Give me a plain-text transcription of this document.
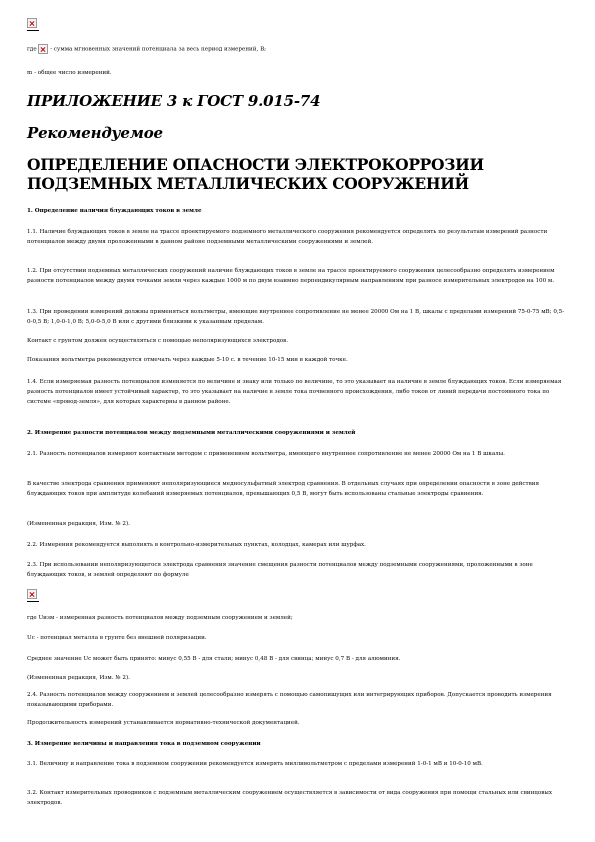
где - сумма мгновенных значений потенциала за весь период измерений, В;
m - общее число измерений.
ПРИЛОЖЕНИЕ 3 к ГОСТ 9.015-74
Рекомендуемое
ОПРЕДЕЛЕНИЕ ОПАСНОСТИ ЭЛЕКТРОКОРРОЗИИ ПОДЗЕМНЫХ МЕТАЛЛИЧЕСКИХ СООРУЖЕНИЙ
1. Определение наличия блуждающих токов в земле
1.1. Наличие блуждающих токов в земле на трассе проектируемого подземного металлического сооружения рекомендуется определять по результатам измерений разности потенциалов между двумя проложенными в данном районе подземными металлическими сооружениями и землей.
1.2. При отсутствии подземных металлических сооружений наличие блуждающих токов в земле на трассе проектируемого сооружения целесообразно определять измерением разности потенциалов между двумя точками земли через каждые 1000 м по двум взаимно перпендикулярным направлениям при разносе измерительных электродов на 100 м.
1.3. При проведении измерений должны применяться вольтметры, имеющие внутреннее сопротивление не менее 20000 Ом на 1 В, шкалы с пределами измерений 75-0-75 мВ; 0,5-0-0,5 В; 1,0-0-1,0 В; 5,0-0-5,0 В или с другими близкими к указанным пределам.
Контакт с грунтом должен осуществляться с помощью неполяризующихся электродов.
Показания вольтметра рекомендуется отмечать через каждые 5-10 с. в течение 10-15 мин в каждой точке.
1.4. Если измеряемая разность потенциалов изменяется по величине и знаку или только по величине, то это указывает на наличие в земле блуждающих токов. Если измеряемая разность потенциалов имеет устойчивый характер, то это указывает на наличие в земле тока почвенного происхождения, либо токов от линий передачи постоянного тока по системе «провод-земля», для которых характерны в данном районе.
2. Измерение разности потенциалов между подземными металлическими сооружениями и землей
2.1. Разность потенциалов измеряют контактным методом с применением вольтметра, имеющего внутреннее сопротивление не менее 20000 Ом на 1 В шкалы.
В качестве электрода сравнения применяют неполяризующиеся медносульфатный электрод сравнения. В отдельных случаях при определении опасности в зоне действия блуждающих токов при амплитуде колебаний измеряемых потенциалов, превышающих 0,5 В, могут быть использованы стальные электроды сравнения.
(Измененная редакция, Изм. № 2).
2.2. Измерения рекомендуется выполнять в контрольно-измерительных пунктах, колодцах, камерах или шурфах.
2.3. При использовании неполяризующегося электрода сравнения значение смещения разности потенциалов между подземными сооружениями, проложенными в зоне блуждающих токов, и землей определяют по формуле
где Uизм - измеренная разность потенциалов между подземным сооружением и землей;
Uс - потенциал металла в грунте без внешней поляризации.
Среднее значение Uс может быть принято: минус 0,55 В - для стали; минус 0,48 В - для свинца; минус 0,7 В - для алюминия.
(Измененная редакция, Изм. № 2).
2.4. Разность потенциалов между сооружением и землей целесообразно измерять с помощью самопишущих или интегрирующих приборов. Допускается проводить измерения показывающими приборами.
Продолжительность измерений устанавливается нормативно-технической документацией.
3. Измерение величины и направления тока в подземном сооружении
3.1. Величину и направление тока в подземном сооружении рекомендуется измерять милливольтметром с пределами измерений 1-0-1 мВ и 10-0-10 мВ.
3.2. Контакт измерительных проводников с подземным металлическим сооружением осуществляется в зависимости от вида сооружения при помощи стальных или свинцовых электродов.
